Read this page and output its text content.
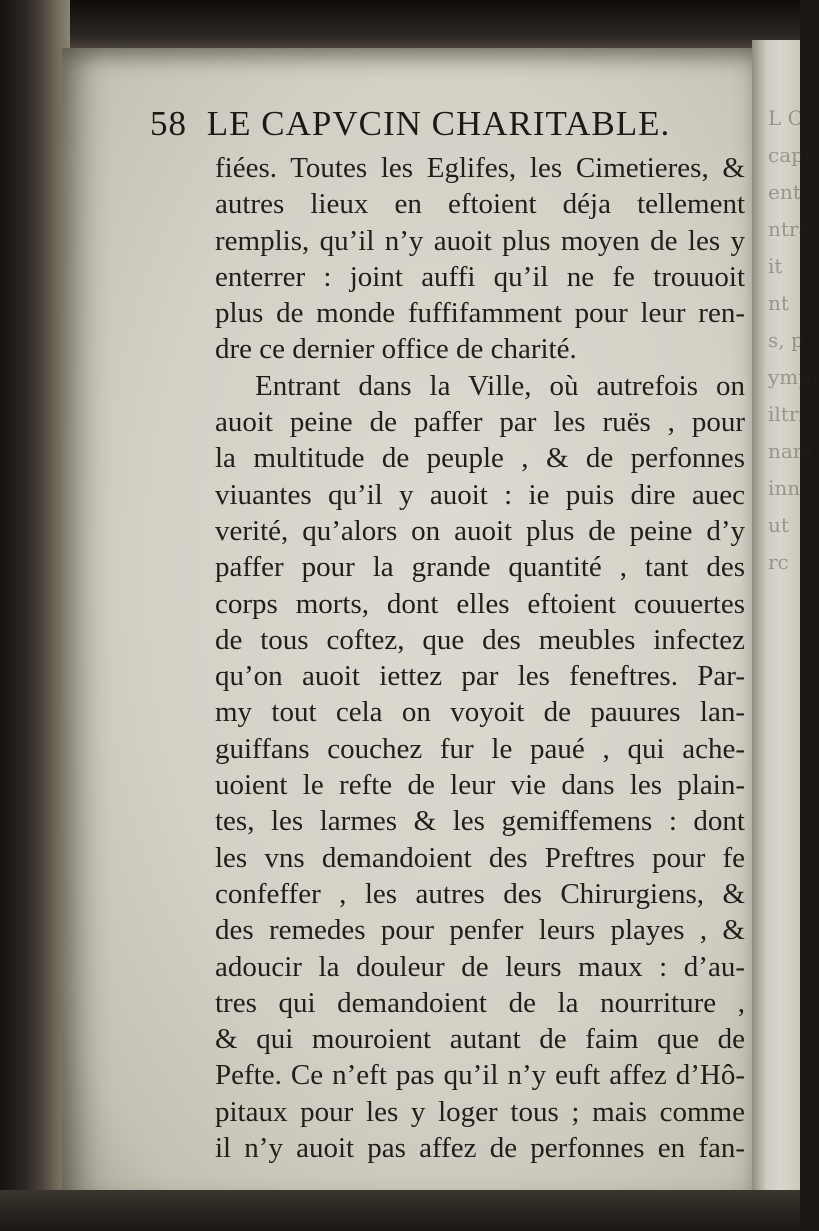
L C
capi
ent
ntrai
it
nt
s, p
ympt
iltri
nam
inn
ut
rc

58 LE CAPVCIN CHARITABLE.
fiées. Toutes les Eglifes, les Cimetieres, &
autres lieux en eftoient déja tellement
remplis, qu’il n’y auoit plus moyen de les y
enterrer : joint auffi qu’il ne fe trouuoit
plus de monde fuffifamment pour leur ren-
dre ce dernier office de charité.
Entrant dans la Ville, où autrefois on
auoit peine de paffer par les ruës , pour
la multitude de peuple , & de perfonnes
viuantes qu’il y auoit : ie puis dire auec
verité, qu’alors on auoit plus de peine d’y
paffer pour la grande quantité , tant des
corps morts, dont elles eftoient couuertes
de tous coftez, que des meubles infectez
qu’on auoit iettez par les feneftres. Par-
my tout cela on voyoit de pauures lan-
guiffans couchez fur le paué , qui ache-
uoient le refte de leur vie dans les plain-
tes, les larmes & les gemiffemens : dont
les vns demandoient des Preftres pour fe
confeffer , les autres des Chirurgiens, &
des remedes pour penfer leurs playes , &
adoucir la douleur de leurs maux : d’au-
tres qui demandoient de la nourriture ,
& qui mouroient autant de faim que de
Pefte. Ce n’eft pas qu’il n’y euft affez d’Hô-
pitaux pour les y loger tous ; mais comme
il n’y auoit pas affez de perfonnes en fan-
